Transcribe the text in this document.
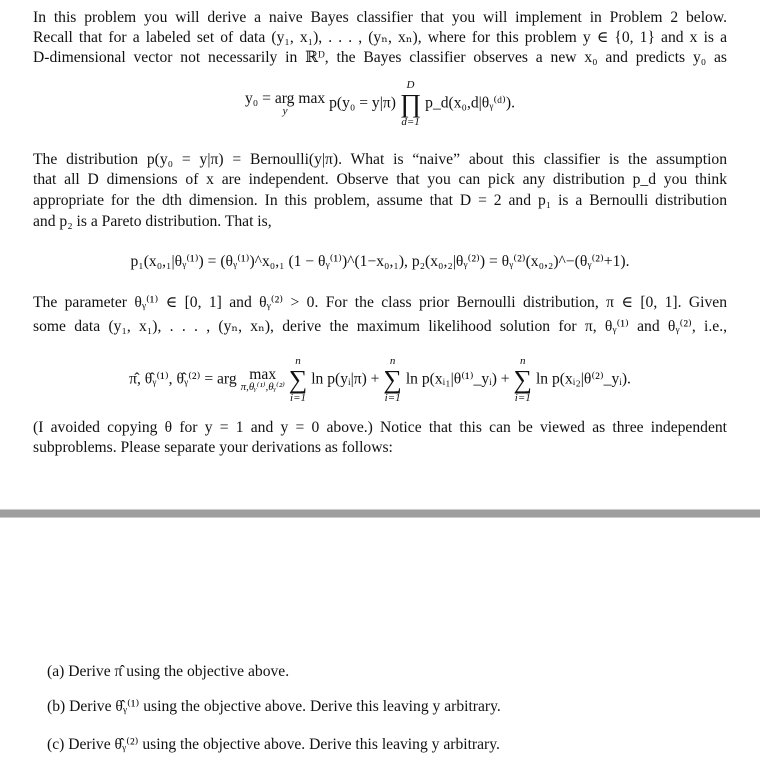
In this problem you will derive a naive Bayes classifier that you will implement in Problem 2 below.
Recall that for a labeled set of data (y₁, x₁), . . . , (yₙ, xₙ), where for this problem y ∈ {0, 1} and x is a
D-dimensional vector not necessarily in ℝᴰ, the Bayes classifier observes a new x₀ and predicts y₀ as
y₀ = arg max
y	p(y₀ = y|π)
D
∏
d=1
p_d(x₀,d|θᵧ⁽ᵈ⁾).
The distribution p(y₀ = y|π) = Bernoulli(y|π). What is “naive” about this classifier is the assumption
that all D dimensions of x are independent. Observe that you can pick any distribution p_d you think
appropriate for the dth dimension. In this problem, assume that D = 2 and p₁ is a Bernoulli distribution
and p₂ is a Pareto distribution. That is,
p₁(x₀,₁|θᵧ⁽¹⁾) = (θᵧ⁽¹⁾)^x₀,₁ (1 − θᵧ⁽¹⁾)^(1−x₀,₁), p₂(x₀,₂|θᵧ⁽²⁾) = θᵧ⁽²⁾(x₀,₂)^−(θᵧ⁽²⁾+1).
The parameter θᵧ⁽¹⁾ ∈ [0, 1] and θᵧ⁽²⁾ > 0. For the class prior Bernoulli distribution, π ∈ [0, 1]. Given
some data (y₁, x₁), . . . , (yₙ, xₙ), derive the maximum likelihood solution for π, θᵧ⁽¹⁾ and θᵧ⁽²⁾, i.e.,
π̂, θ̂ᵧ⁽¹⁾, θ̂ᵧ⁽²⁾ = arg max
π,θᵧ⁽¹⁾,θᵧ⁽²⁾

n
∑
i=1
ln p(yᵢ|π) +
n
∑
i=1
ln p(xᵢ₁|θ⁽¹⁾_yᵢ) +
n
∑
i=1
ln p(xᵢ₂|θ⁽²⁾_yᵢ).
(I avoided copying θ for y = 1 and y = 0 above.) Notice that this can be viewed as three independent
subproblems. Please separate your derivations as follows:
(a) Derive π̂ using the objective above.
(b) Derive θ̂ᵧ⁽¹⁾ using the objective above. Derive this leaving y arbitrary.
(c) Derive θ̂ᵧ⁽²⁾ using the objective above. Derive this leaving y arbitrary.
